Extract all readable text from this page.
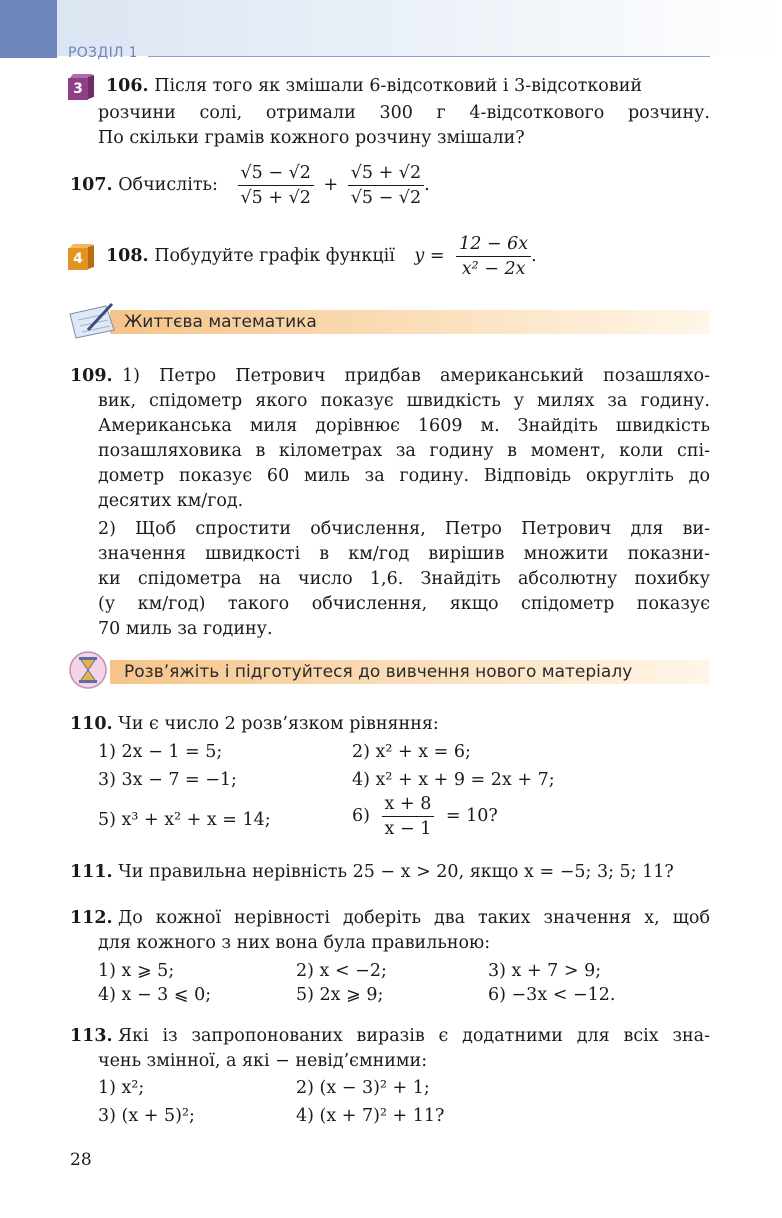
РОЗДІЛ 1
3 106. Після того як змішали 6-відсотковий і 3-відсотковий
розчини солі, отримали 300 г 4-відсоткового розчину.
По скільки грамів кожного розчину змішали?
107. Обчисліть: $\frac{√5 - √2}{√5 + √2} + \frac{√5 + √2}{√5 - √2}$ .
4 108. Побудуйте графік функції $y = \frac{12 - 6x}{\text{x² − 2x}}$ .
Життєва математика
109. 1) Петро Петрович придбав американський позашляхо-
вик, спідометр якого показує швидкість у милях за годину.
Американська миля дорівнює 1609 м. Знайдіть швидкість
позашляховика в кілометрах за годину в момент, коли спі-
дометр показує 60 миль за годину. Відповідь округліть до
десятих км/год.
2) Щоб спростити обчислення, Петро Петрович для ви-
значення швидкості в км/год вирішив множити показни-
ки спідометра на число 1,6. Знайдіть абсолютну похибку
(у км/год) такого обчислення, якщо спідометр показує
70 миль за годину.
Розв’яжіть і підготуйтеся до вивчення нового матеріалу
110. Чи є число 2 розв’язком рівняння:
1) 2x − 1 = 5;	2) x² + x = 6;
3) 3x − 7 = −1;	4) x² + x + 9 = 2x + 7;
5) x³ + x² + x = 14;	$6) \frac{x + 8}{x - 1} = 10$?
111. Чи правильна нерівність 25 − x > 20, якщо x = −5; 3; 5; 11?
112. До кожної нерівності доберіть два таких значення x, щоб
для кожного з них вона була правильною:
1) x ⩾ 5;	2) x < −2;	3) x + 7 > 9;
4) x − 3 ⩽ 0;	5) 2x ⩾ 9;	6) −3x < −12.
113. Які із запропонованих виразів є додатними для всіх зна-
чень змінної, а які − невід’ємними:
1) x²;	2) (x − 3)² + 1;
3) (x + 5)²;	4) (x + 7)² + 11?
28
